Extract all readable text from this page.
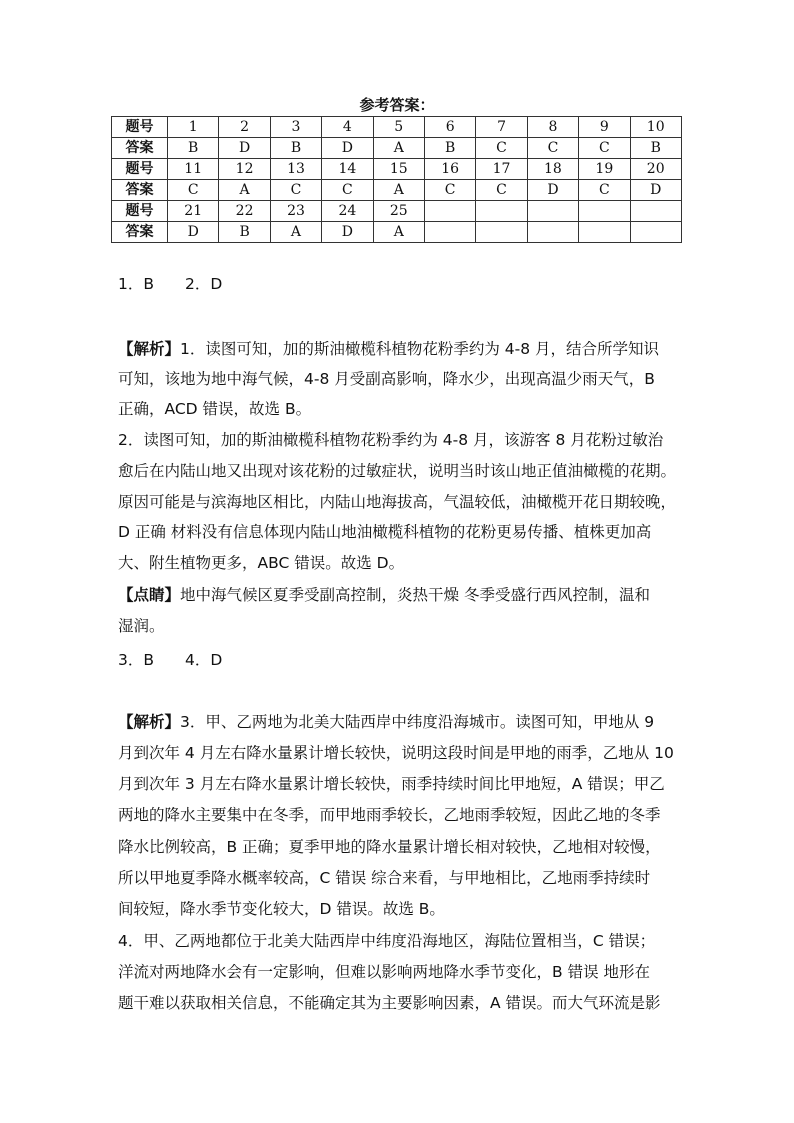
参考答案：
题号	1	2	3	4	5	6	7	8	9	10
答案	B	D	B	D	A	B	C	C	C	B
题号	11	12	13	14	15	16	17	18	19	20
答案	C	A	C	C	A	C	C	D	C	D
题号	21	22	23	24	25					
答案	D	B	A	D	A					
1．B　　2．D
【解析】1．读图可知，加的斯油橄榄科植物花粉季约为 4-8 月，结合所学知识
可知，该地为地中海气候，4-8 月受副高影响，降水少，出现高温少雨天气，B
正确，ACD 错误，故选 B。
2．读图可知，加的斯油橄榄科植物花粉季约为 4-8 月，该游客 8 月花粉过敏治
愈后在内陆山地又出现对该花粉的过敏症状，说明当时该山地正值油橄榄的花期。
原因可能是与滨海地区相比，内陆山地海拔高，气温较低，油橄榄开花日期较晚，
D 正确 材料没有信息体现内陆山地油橄榄科植物的花粉更易传播、植株更加高
大、附生植物更多，ABC 错误。故选 D。
【点睛】地中海气候区夏季受副高控制，炎热干燥 冬季受盛行西风控制，温和
湿润。
3．B　　4．D
【解析】3．甲、乙两地为北美大陆西岸中纬度沿海城市。读图可知，甲地从 9
月到次年 4 月左右降水量累计增长较快，说明这段时间是甲地的雨季，乙地从 10
月到次年 3 月左右降水量累计增长较快，雨季持续时间比甲地短，A 错误；甲乙
两地的降水主要集中在冬季，而甲地雨季较长，乙地雨季较短，因此乙地的冬季
降水比例较高，B 正确；夏季甲地的降水量累计增长相对较快，乙地相对较慢，
所以甲地夏季降水概率较高，C 错误 综合来看，与甲地相比，乙地雨季持续时
间较短，降水季节变化较大，D 错误。故选 B。
4．甲、乙两地都位于北美大陆西岸中纬度沿海地区，海陆位置相当，C 错误；
洋流对两地降水会有一定影响，但难以影响两地降水季节变化，B 错误 地形在
题干难以获取相关信息，不能确定其为主要影响因素，A 错误。而大气环流是影
